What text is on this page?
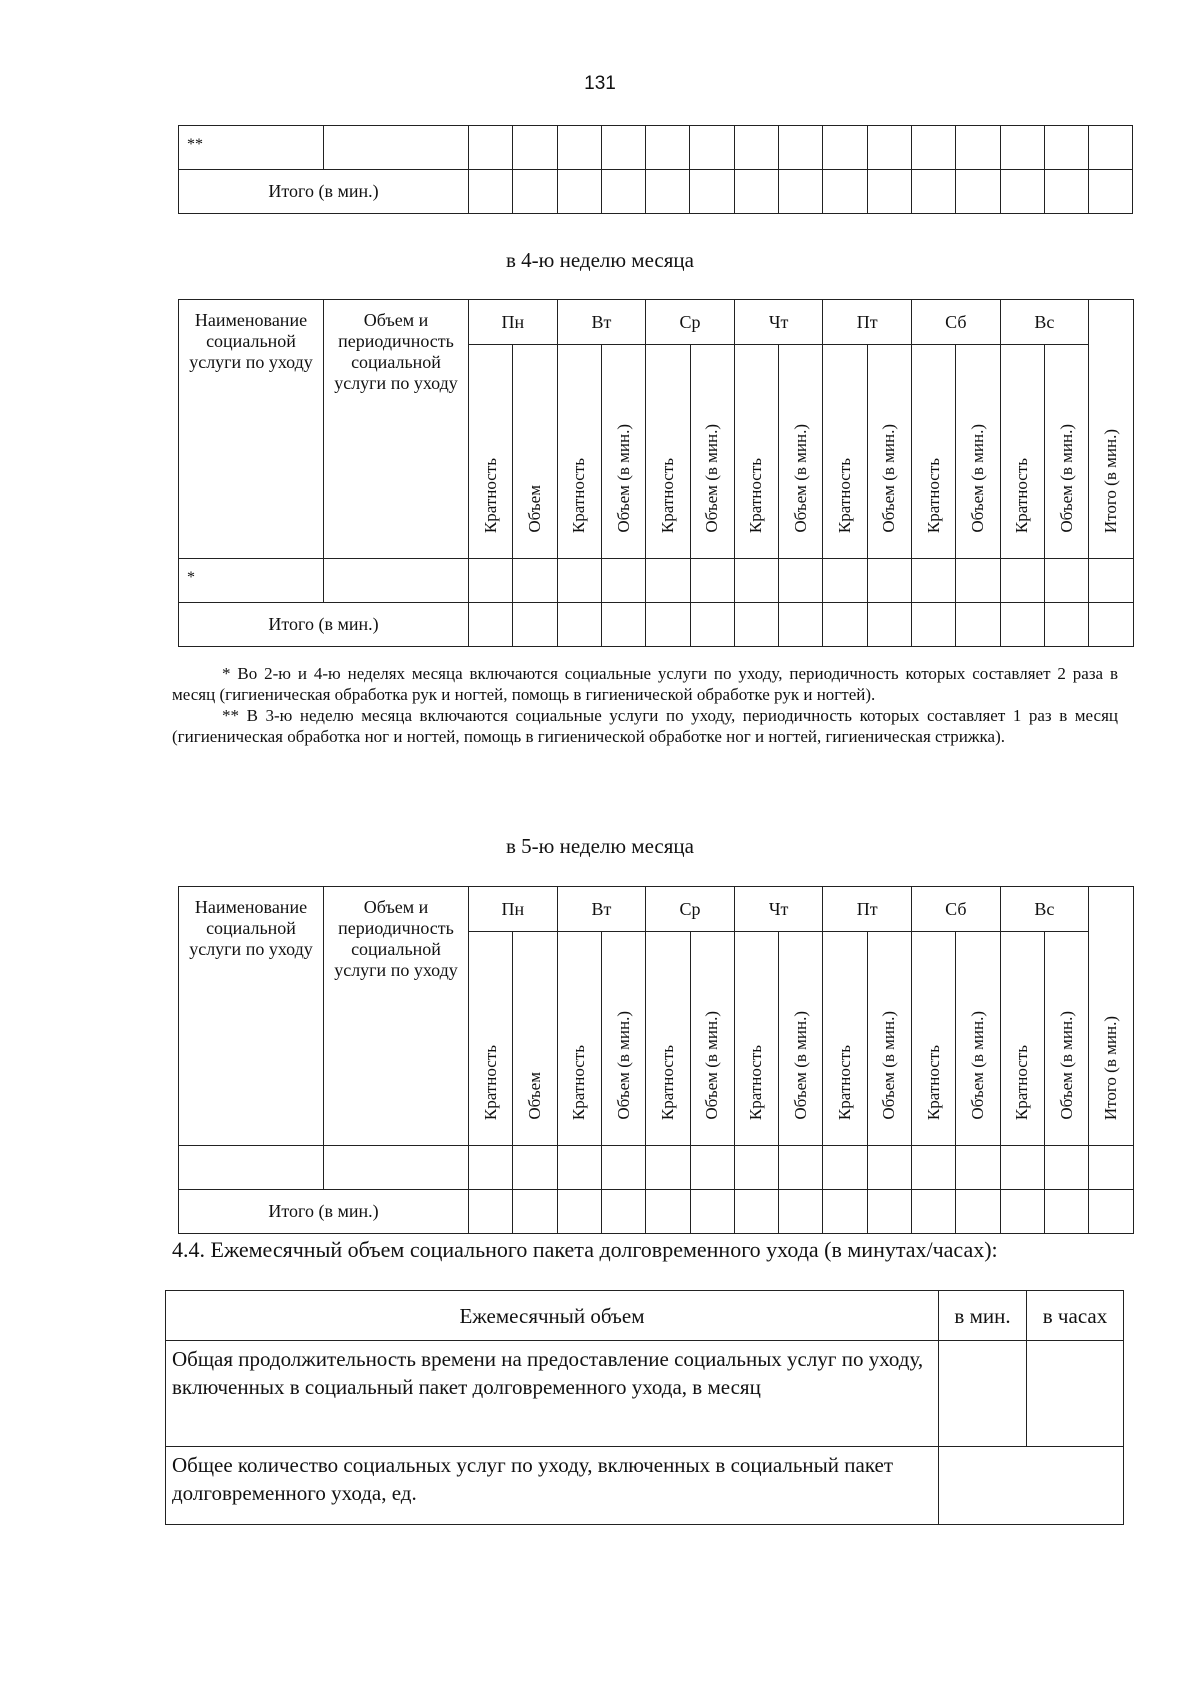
131
**																
Итого (в мин.)																
в 4-ю неделю месяца
Наименование социальной услуги по уходу	Объем и периодичность социальной услуги по уходу	Пн		Вт		Ср		Чт		Пт		Сб		Вс		Итого (в мин.)
		Кратность	Объем	Кратность	Объем (в мин.)	Кратность	Объем (в мин.)	Кратность	Объем (в мин.)	Кратность	Объем (в мин.)	Кратность	Объем (в мин.)	Кратность	Объем (в мин.)	
*																
Итого (в мин.)																

* Во 2-ю и 4-ю неделях месяца включаются социальные услуги по уходу, периодичность которых составляет 2 раза в месяц (гигиеническая обработка рук и ногтей, помощь в гигиенической обработке рук и ногтей).

** В 3-ю неделю месяца включаются социальные услуги по уходу, периодичность которых составляет 1 раз в месяц (гигиеническая обработка ног и ногтей, помощь в гигиенической обработке ног и ногтей, гигиеническая стрижка).

в 5-ю неделю месяца
Наименование социальной услуги по уходу	Объем и периодичность социальной услуги по уходу	Пн		Вт		Ср		Чт		Пт		Сб		Вс		Итого (в мин.)
		Кратность	Объем	Кратность	Объем (в мин.)	Кратность	Объем (в мин.)	Кратность	Объем (в мин.)	Кратность	Объем (в мин.)	Кратность	Объем (в мин.)	Кратность	Объем (в мин.)	

Итого (в мин.)																
4.4. Ежемесячный объем социального пакета долговременного ухода (в минутах/часах):
Ежемесячный объем	в мин.	в часах
Общая продолжительность времени на предоставление социальных услуг по уходу, включенных в социальный пакет долговременного ухода, в месяц		
Общее количество социальных услуг по уходу, включенных в социальный пакет долговременного ухода, ед.		
